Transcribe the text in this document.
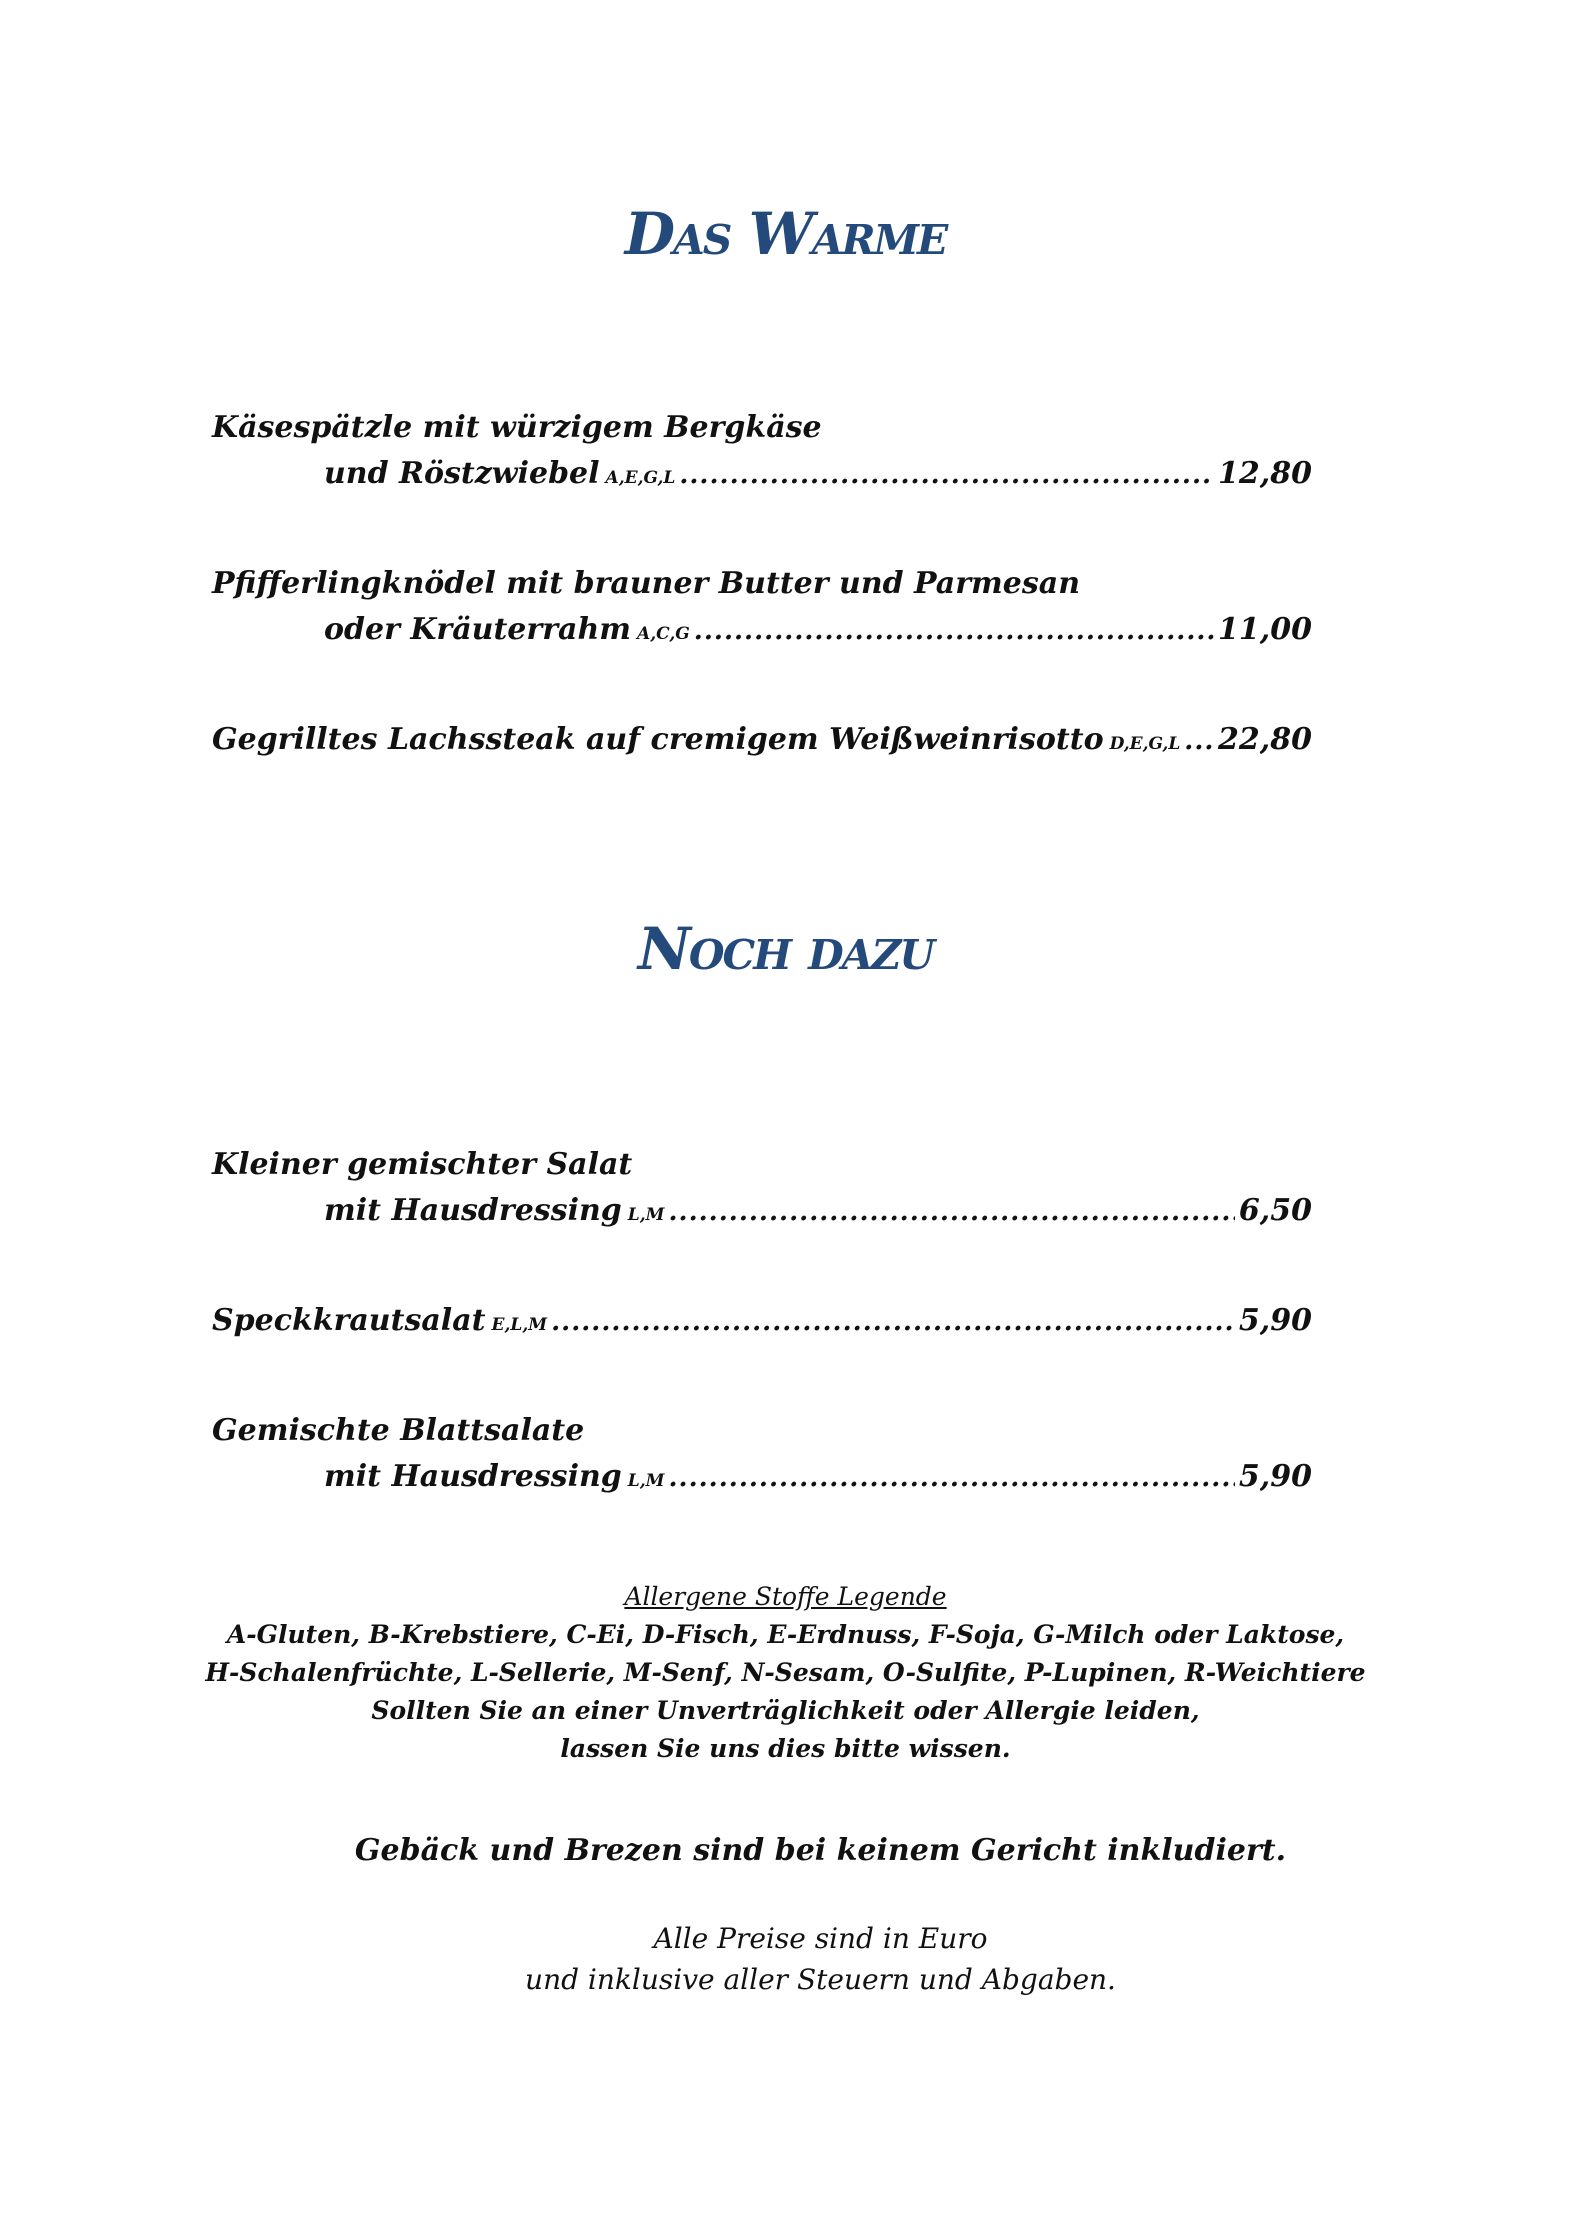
Das Warme
Käsespätzle mit würzigem Bergkäse
und Röstzwiebel A,E,G,L .....	12,80
Pfifferlingknödel mit brauner Butter und Parmesan
oder Kräuterrahm A,C,G .....	11,00
Gegrilltes Lachssteak auf cremigem Weißweinrisotto D,E,G,L ..... 22,80
Noch dazu
Kleiner gemischter Salat
mit Hausdressing L,M .....	6,50
Speckkrautsalat E,L,M .....	5,90
Gemischte Blattsalate
mit Hausdressing L,M .....	5,90
Allergene Stoffe Legende
A-Gluten, B-Krebstiere, C-Ei, D-Fisch, E-Erdnuss, F-Soja, G-Milch oder Laktose,
H-Schalenfrüchte, L-Sellerie, M-Senf, N-Sesam, O-Sulfite, P-Lupinen, R-Weichtiere
Sollten Sie an einer Unverträglichkeit oder Allergie leiden,
lassen Sie uns dies bitte wissen.
Gebäck und Brezen sind bei keinem Gericht inkludiert.
Alle Preise sind in Euro
und inklusive aller Steuern und Abgaben.
